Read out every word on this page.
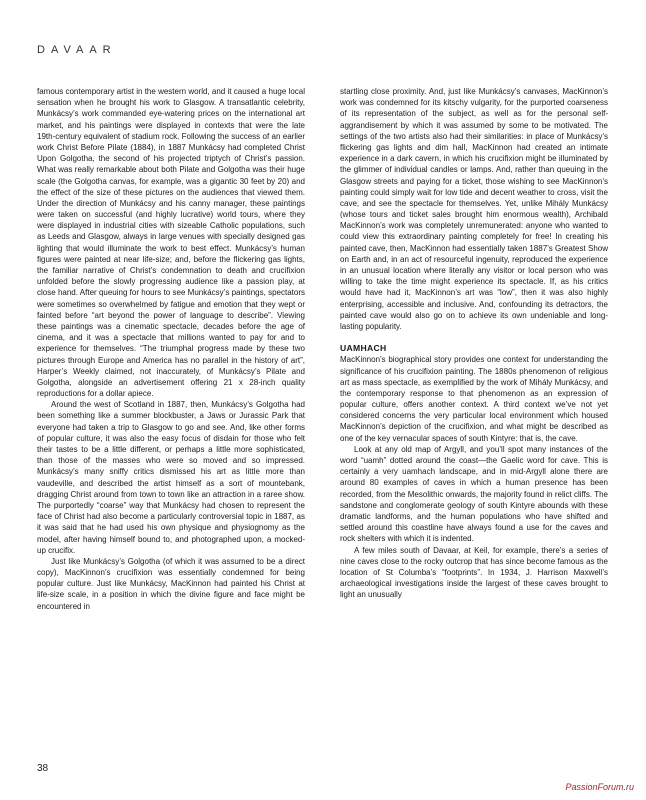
DAVAAR

famous contemporary artist in the western world, and it caused a huge local sensation when he brought his work to Glasgow. A transatlantic celebrity, Munkácsy’s work commanded eye-watering prices on the international art market, and his paintings were displayed in contexts that were the late 19th-century equivalent of stadium rock. Following the success of an earlier work Christ Before Pilate (1884), in 1887 Munkácsy had completed Christ Upon Golgotha, the second of his projected triptych of Christ’s passion. What was really remarkable about both Pilate and Golgotha was their huge scale (the Golgotha canvas, for example, was a gigantic 30 feet by 20) and the effect of the size of these pictures on the audiences that viewed them. Under the direction of Munkácsy and his canny manager, these paintings were taken on successful (and highly lucrative) world tours, where they were displayed in industrial cities with sizeable Catholic populations, such as Leeds and Glasgow, always in large venues with specially designed gas lighting that would illuminate the work to best effect. Munkácsy’s human figures were painted at near life-size; and, before the flickering gas lights, the familiar narrative of Christ’s condemnation to death and crucifixion unfolded before the slowly progressing audience like a passion play, at close hand. After queuing for hours to see Munkácsy’s paintings, spectators were sometimes so overwhelmed by fatigue and emotion that they wept or fainted before “art beyond the power of language to describe”. Viewing these paintings was a cinematic spectacle, decades before the age of cinema, and it was a spectacle that millions wanted to pay for and to experience for themselves. “The triumphal progress made by these two pictures through Europe and America has no parallel in the history of art”, Harper’s Weekly claimed, not inaccurately, of Munkácsy’s Pilate and Golgotha, alongside an advertisement offering 21 x 28-inch quality reproductions for a dollar apiece.

Around the west of Scotland in 1887, then, Munkácsy’s Golgotha had been something like a summer blockbuster, a Jaws or Jurassic Park that everyone had taken a trip to Glasgow to go and see. And, like other forms of popular culture, it was also the easy focus of disdain for those who felt their tastes to be a little different, or perhaps a little more sophisticated, than those of the masses who were so moved and so impressed. Munkácsy’s many sniffy critics dismissed his art as little more than vaudeville, and described the artist himself as a sort of mountebank, dragging Christ around from town to town like an attraction in a raree show. The purportedly “coarse” way that Munkácsy had chosen to represent the face of Christ had also become a particularly controversial topic in 1887, as it was said that he had used his own physique and physiognomy as the model, after having himself bound to, and photographed upon, a mocked-up crucifix.

Just like Munkácsy’s Golgotha (of which it was assumed to be a direct copy), MacKinnon’s crucifixion was essentially condemned for being popular culture. Just like Munkácsy, MacKinnon had painted his Christ at life-size scale, in a position in which the divine figure and face might be encountered in

startling close proximity. And, just like Munkácsy’s canvases, MacKinnon’s work was condemned for its kitschy vulgarity, for the purported coarseness of its representation of the subject, as well as for the personal self-aggrandisement by which it was assumed by some to be motivated. The settings of the two artists also had their similarities: in place of Munkácsy’s flickering gas lights and dim hall, MacKinnon had created an intimate experience in a dark cavern, in which his crucifixion might be illuminated by the glimmer of individual candles or lamps. And, rather than queuing in the Glasgow streets and paying for a ticket, those wishing to see MacKinnon’s painting could simply wait for low tide and decent weather to cross, visit the cave, and see the spectacle for themselves. Yet, unlike Mihály Munkácsy (whose tours and ticket sales brought him enormous wealth), Archibald MacKinnon’s work was completely unremunerated: anyone who wanted to could view this extraordinary painting completely for free! In creating his painted cave, then, MacKinnon had essentially taken 1887’s Greatest Show on Earth and, in an act of resourceful ingenuity, reproduced the experience in an unusual location where literally any visitor or local person who was willing to take the time might experience its spectacle. If, as his critics would have had it, MacKinnon’s art was “low”, then it was also highly enterprising, accessible and inclusive. And, confounding its detractors, the painted cave would also go on to achieve its own undeniable and long-lasting popularity.

UAMHACH

MacKinnon’s biographical story provides one context for understanding the significance of his crucifixion painting. The 1880s phenomenon of religious art as mass spectacle, as exemplified by the work of Mihály Munkácsy, and the contemporary response to that phenomenon as an expression of popular culture, offers another context. A third context we’ve not yet considered concerns the very particular local environment which housed MacKinnon’s depiction of the crucifixion, and what might be described as one of the key vernacular spaces of south Kintyre: that is, the cave.

Look at any old map of Argyll, and you’ll spot many instances of the word “uamh” dotted around the coast—the Gaelic word for cave. This is certainly a very uamhach landscape, and in mid-Argyll alone there are around 80 examples of caves in which a human presence has been recorded, from the Mesolithic onwards, the majority found in relict cliffs. The sandstone and conglomerate geology of south Kintyre abounds with these dramatic landforms, and the human populations who have shifted and settled around this coastline have always found a use for the caves and rock shelters with which it is indented.

A few miles south of Davaar, at Keil, for example, there’s a series of nine caves close to the rocky outcrop that has since become famous as the location of St Columba’s “footprints”. In 1934, J. Harrison Maxwell’s archaeological investigations inside the largest of these caves brought to light an unusually

38
PassionForum.ru
